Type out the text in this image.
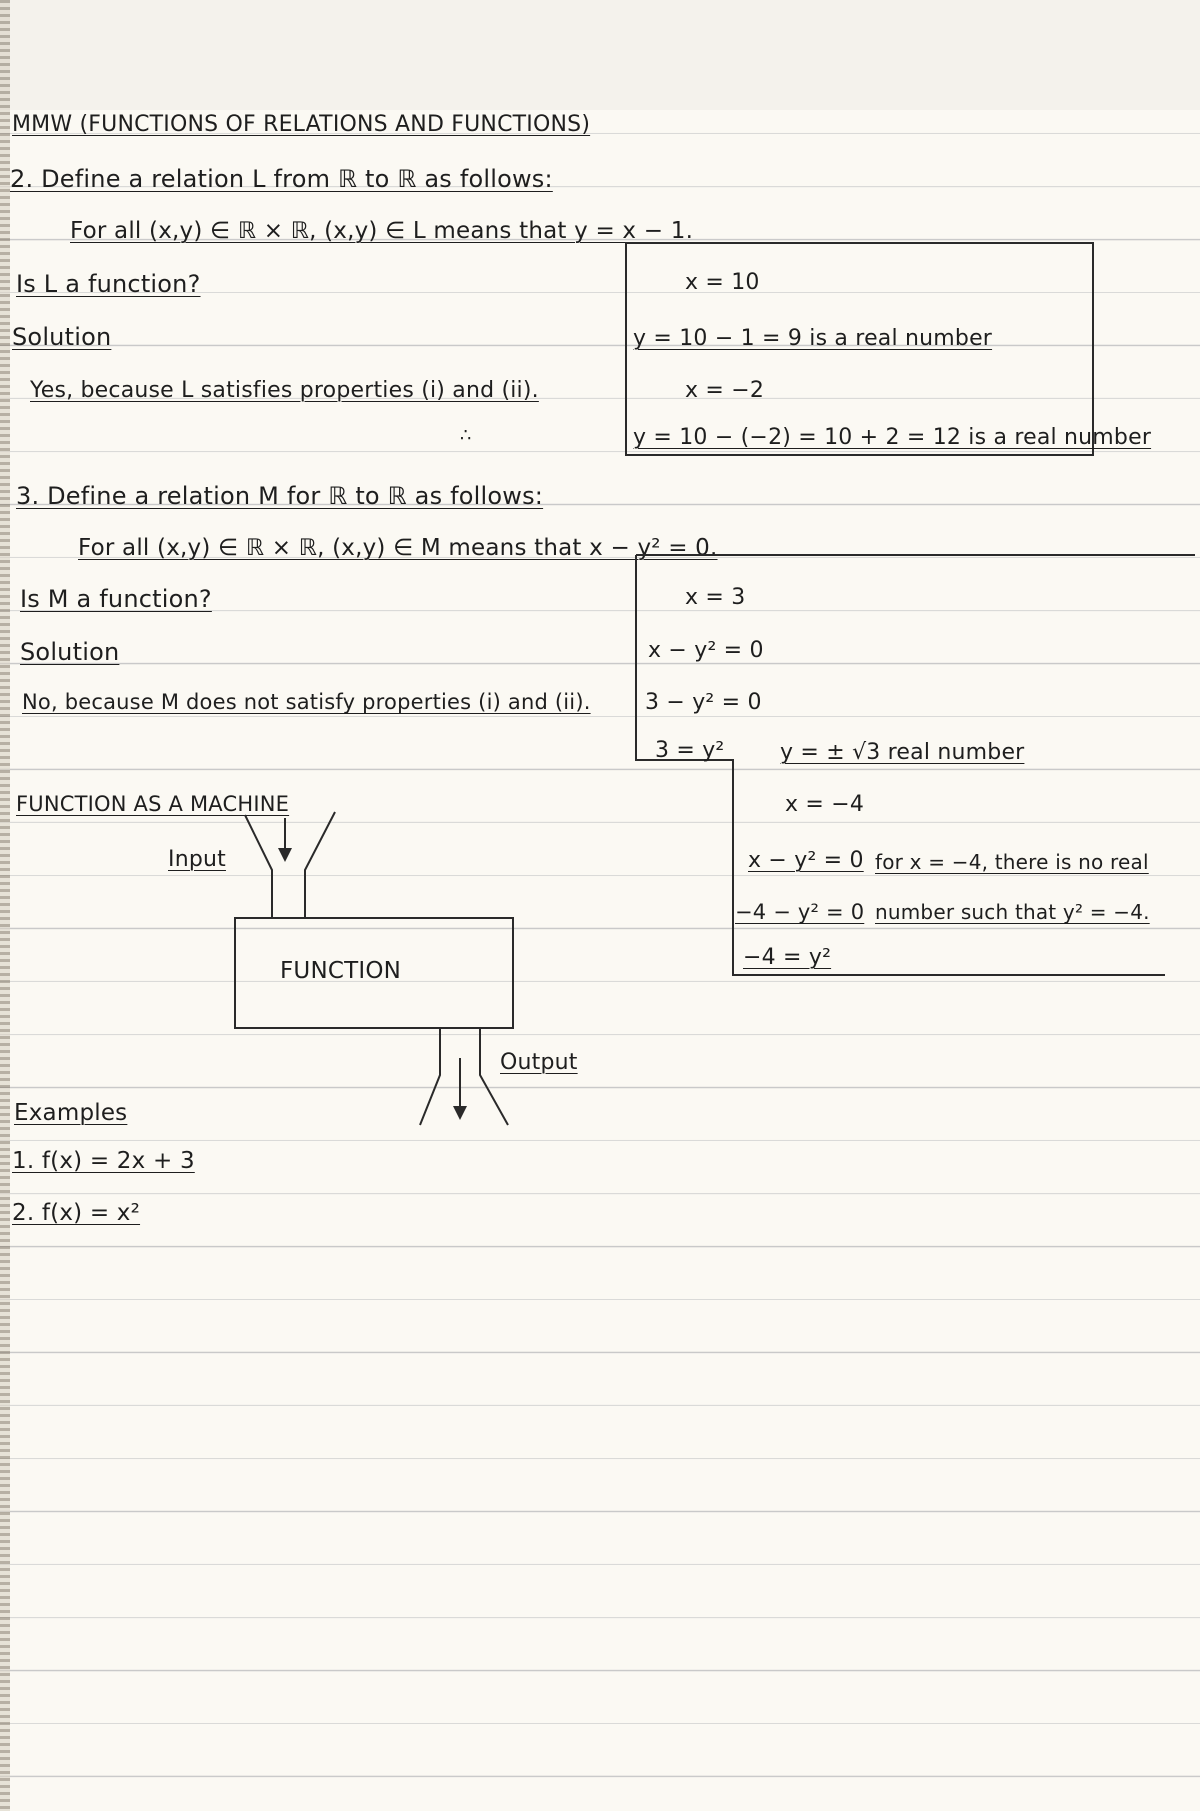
MMW (FUNCTIONS OF RELATIONS AND FUNCTIONS)
2. Define a relation L from ℝ to ℝ as follows:
For all (x,y) ∈ ℝ × ℝ, (x,y) ∈ L means that y = x − 1.
Is L a function?
Solution
Yes, because L satisfies properties (i) and (ii).
∴
x = 10
y = 10 − 1 = 9 is a real number
x = −2
y = 10 − (−2) = 10 + 2 = 12 is a real number
3. Define a relation M for ℝ to ℝ as follows:
For all (x,y) ∈ ℝ × ℝ, (x,y) ∈ M means that x − y² = 0.
Is M a function?
Solution
No, because M does not satisfy properties (i) and (ii).
x = 3
x − y² = 0
3 − y² = 0
3 = y²	y = ± √3 real number
x = −4
x − y² = 0 for x = −4, there is no real
−4 − y² = 0 number such that y² = −4.
−4 = y²
FUNCTION AS A MACHINE
Input
FUNCTION
Output
Examples
1. f(x) = 2x + 3
2. f(x) = x²
